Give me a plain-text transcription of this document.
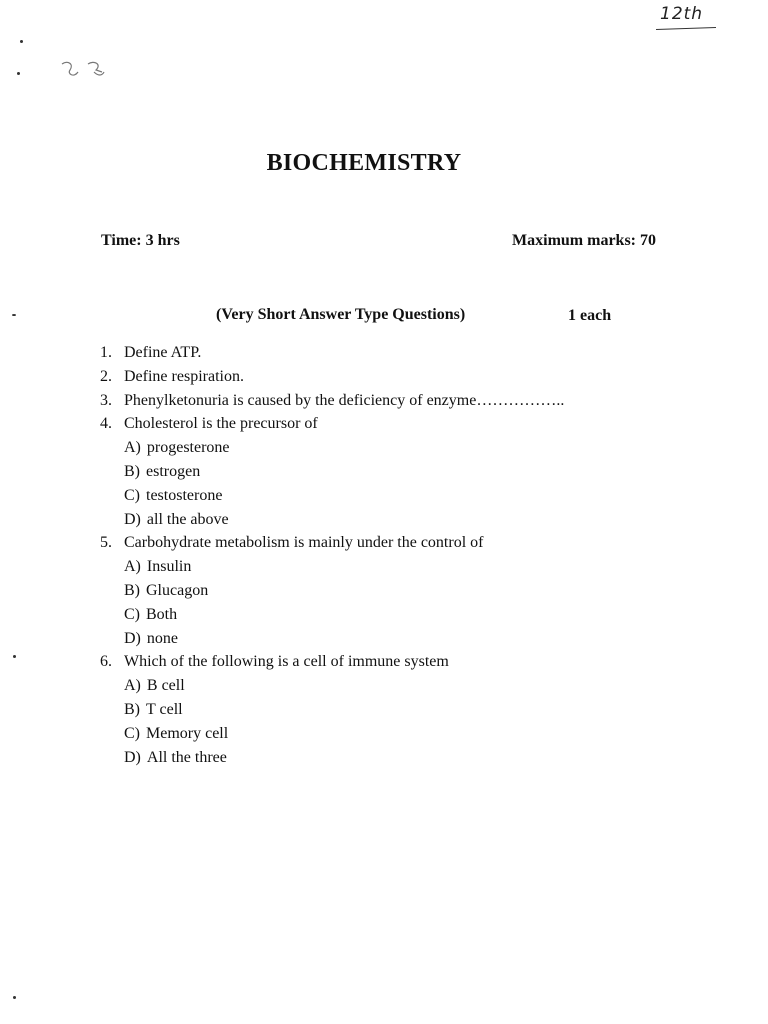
12th
BIOCHEMISTRY
Time: 3 hrs	Maximum marks: 70
(Very Short Answer Type Questions)	1 each
1. Define ATP.
2. Define respiration.
3. Phenylketonuria is caused by the deficiency of enzyme……………..
4. Cholesterol is the precursor of
A) progesterone
B) estrogen
C) testosterone
D) all the above
5. Carbohydrate metabolism is mainly under the control of
A) Insulin
B) Glucagon
C) Both
D) none
6. Which of the following is a cell of immune system
A) B cell
B) T cell
C) Memory cell
D) All the three
